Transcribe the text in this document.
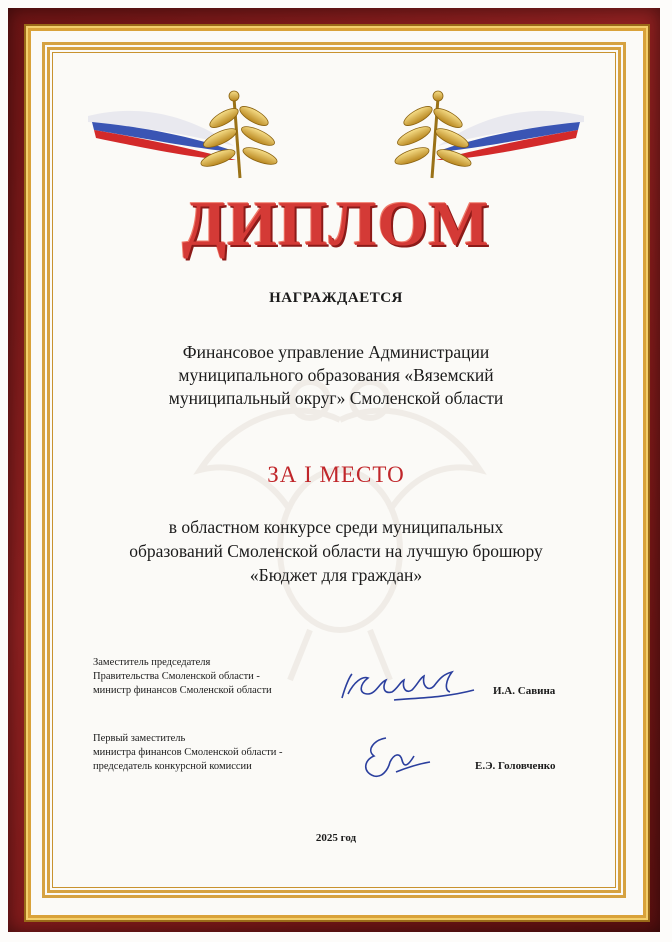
ДИПЛОМ
НАГРАЖДАЕТСЯ
Финансовое управление Администрации
муниципального образования «Вяземский
муниципальный округ» Смоленской области
ЗА I МЕСТО
в областном конкурсе среди муниципальных
образований Смоленской области на лучшую брошюру
«Бюджет для граждан»
Заместитель председателя
Правительства Смоленской области -
министр финансов Смоленской области	И.А. Савина
Первый заместитель
министра финансов Смоленской области -
председатель конкурсной комиссии	Е.Э. Головченко
2025 год
